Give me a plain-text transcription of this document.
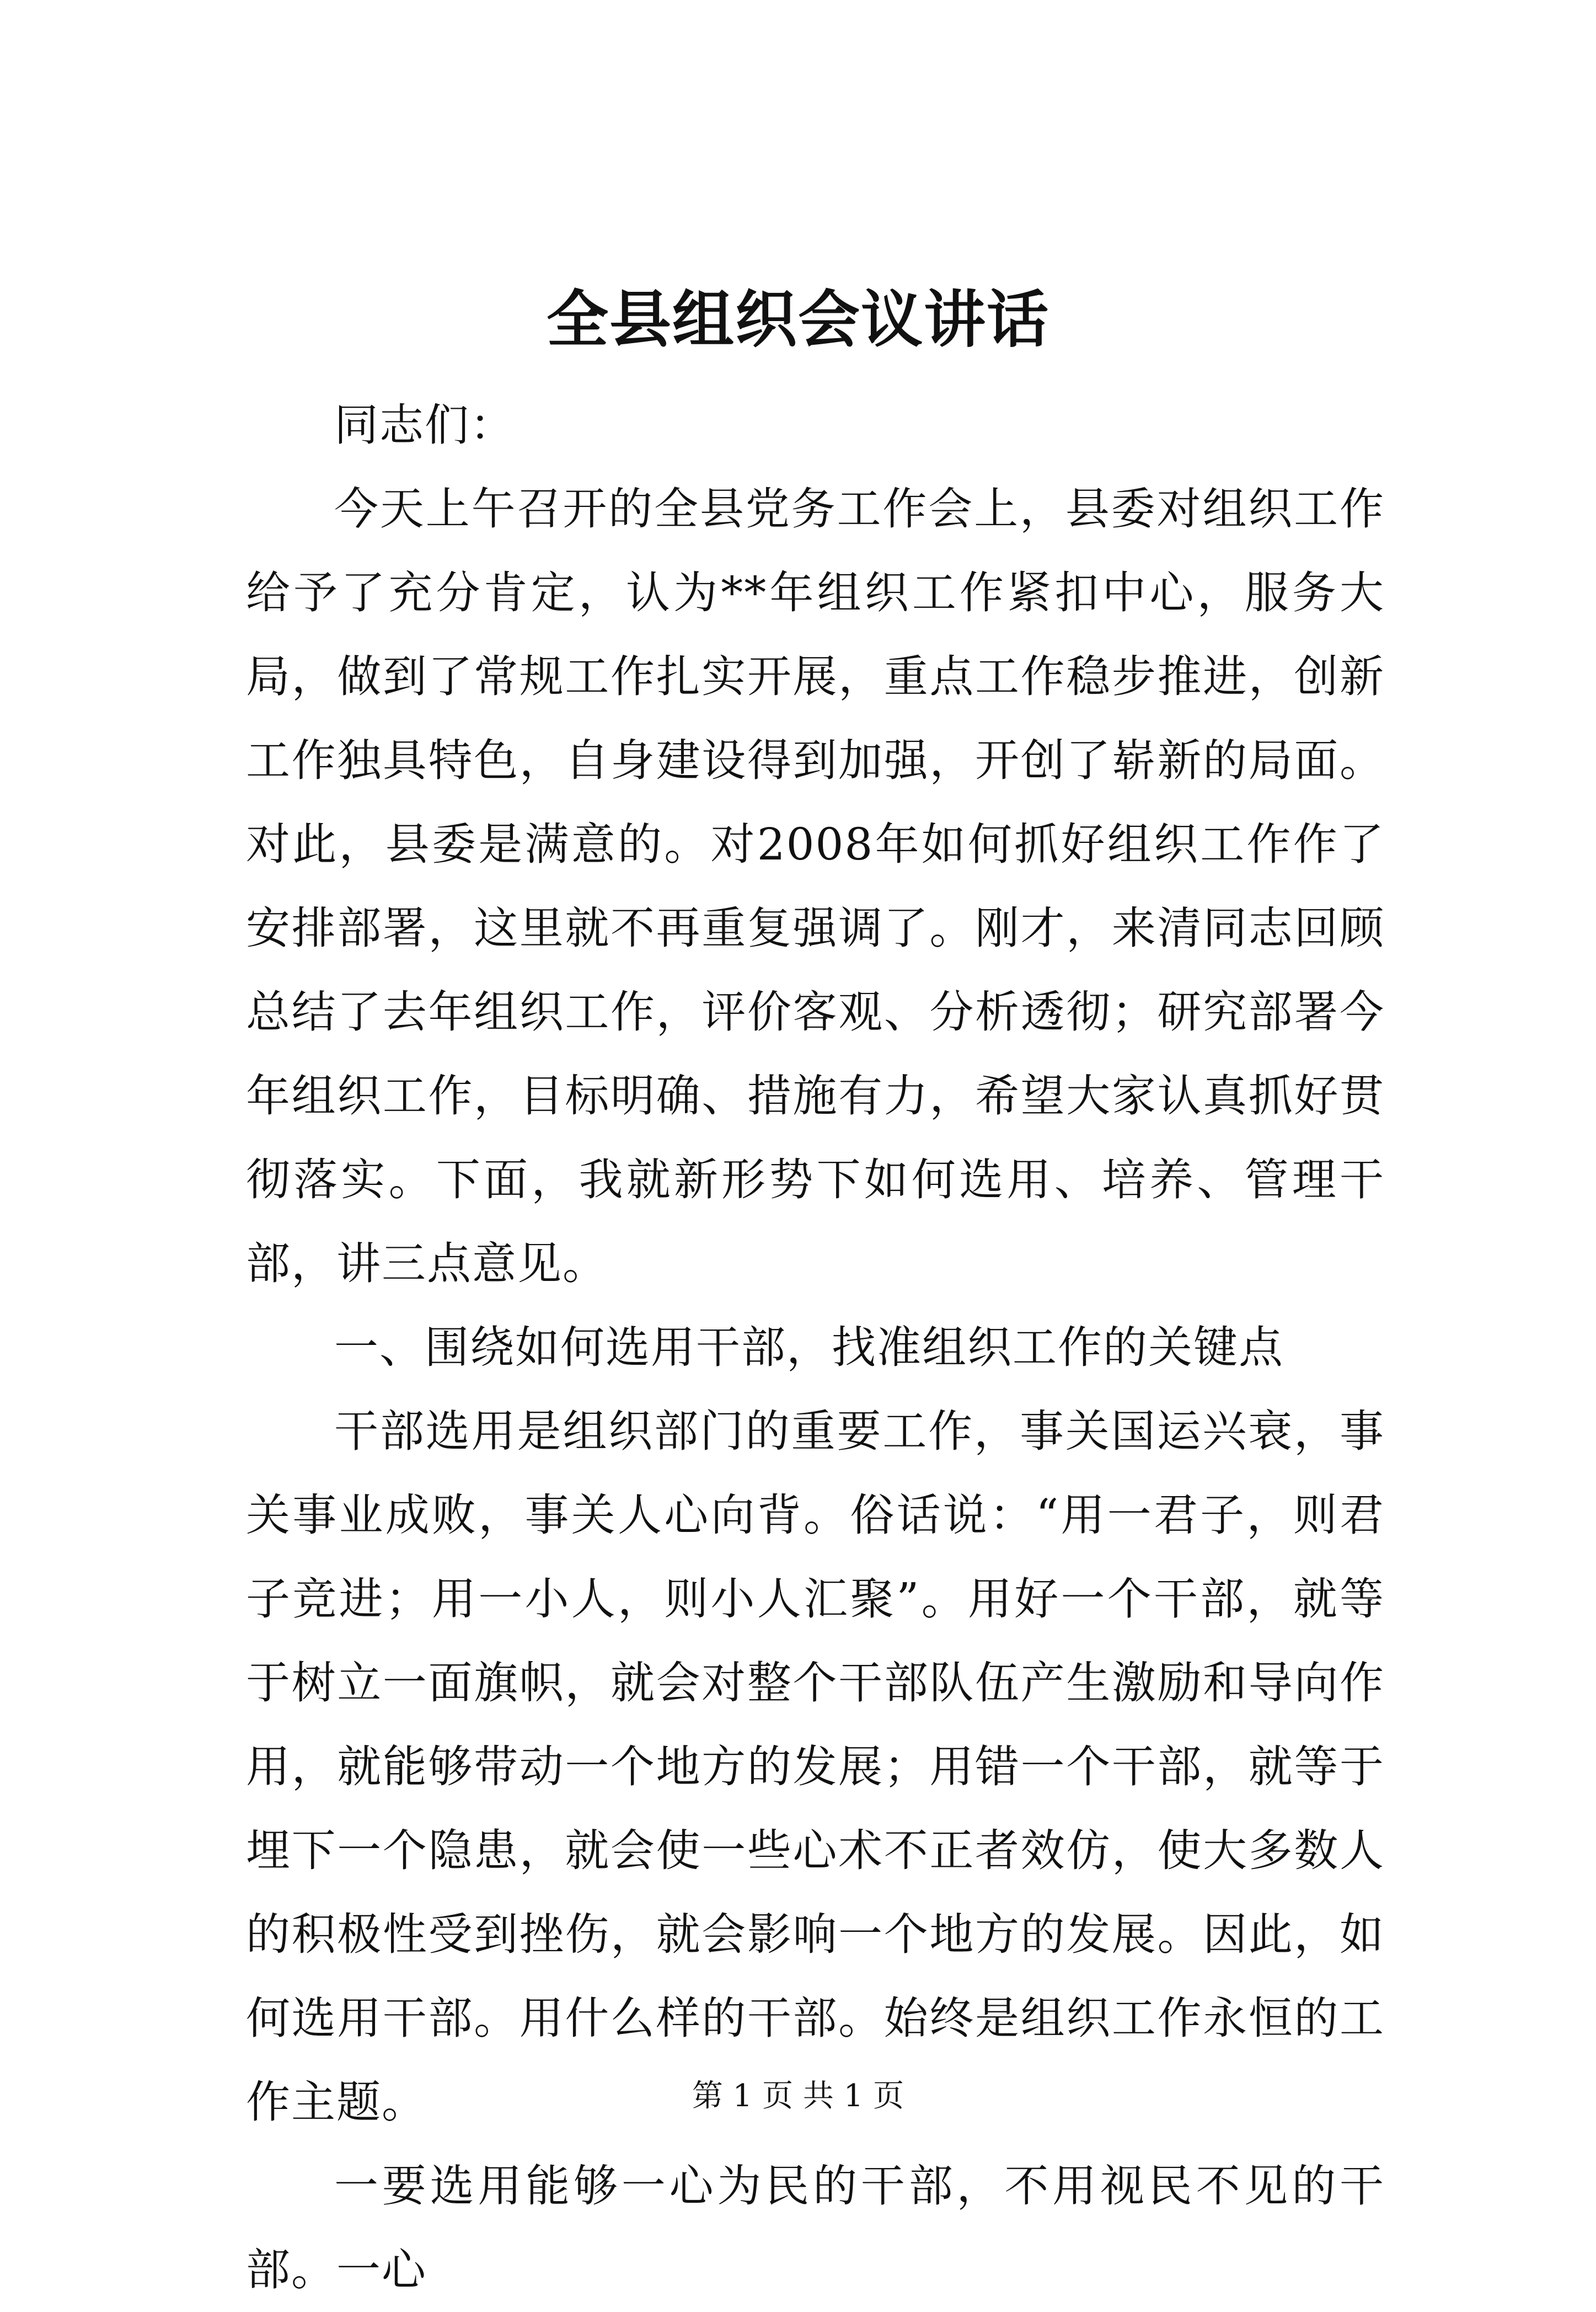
全县组织会议讲话

同志们：

今天上午召开的全县党务工作会上，县委对组织工作给予了充分肯定，认为**年组织工作紧扣中心，服务大局，做到了常规工作扎实开展，重点工作稳步推进，创新工作独具特色，自身建设得到加强，开创了崭新的局面。对此，县委是满意的。对2008年如何抓好组织工作作了安排部署，这里就不再重复强调了。刚才，来清同志回顾总结了去年组织工作，评价客观、分析透彻；研究部署今年组织工作，目标明确、措施有力，希望大家认真抓好贯彻落实。下面，我就新形势下如何选用、培养、管理干部，讲三点意见。

一、围绕如何选用干部，找准组织工作的关键点

干部选用是组织部门的重要工作，事关国运兴衰，事关事业成败，事关人心向背。俗话说：“用一君子，则君子竞进；用一小人，则小人汇聚”。用好一个干部，就等于树立一面旗帜，就会对整个干部队伍产生激励和导向作用，就能够带动一个地方的发展；用错一个干部，就等于埋下一个隐患，就会使一些心术不正者效仿，使大多数人的积极性受到挫伤，就会影响一个地方的发展。因此，如何选用干部。用什么样的干部。始终是组织工作永恒的工作主题。

一要选用能够一心为民的干部，不用视民不见的干部。一心

第 1 页 共 1 页
